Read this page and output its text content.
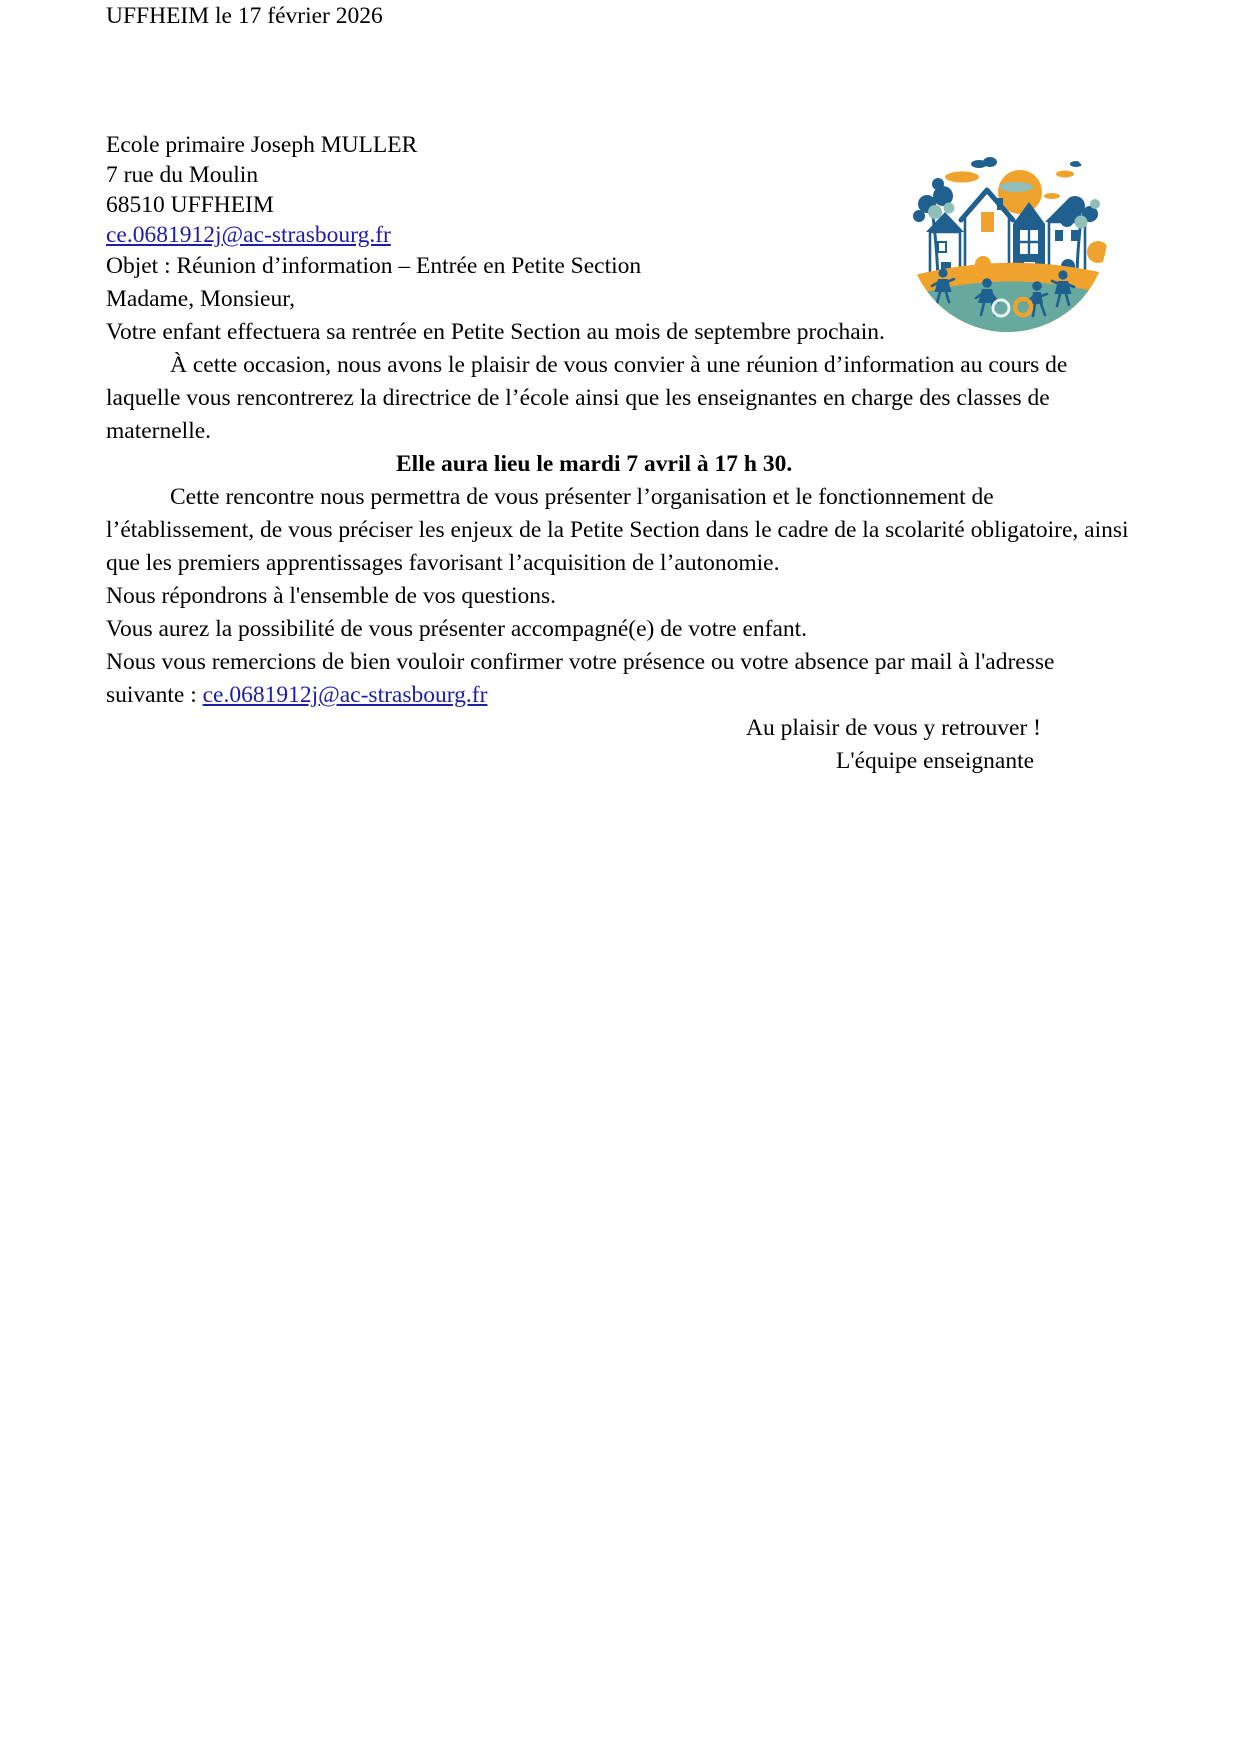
UFFHEIM le 17 février 2026

Ecole primaire Joseph MULLER

7 rue du Moulin

68510 UFFHEIM

ce.0681912j@ac-strasbourg.fr

Objet : Réunion d’information – Entrée en Petite Section

Madame, Monsieur,

Votre enfant effectuera sa rentrée en Petite Section au mois de septembre prochain.

À cette occasion, nous avons le plaisir de vous convier à une réunion d’information au cours de laquelle vous rencontrerez la directrice de l’école ainsi que les enseignantes en charge des classes de maternelle.

Elle aura lieu le mardi 7 avril à 17 h 30.

Cette rencontre nous permettra de vous présenter l’organisation et le fonctionnement de l’établissement, de vous préciser les enjeux de la Petite Section dans le cadre de la scolarité obligatoire, ainsi que les premiers apprentissages favorisant l’acquisition de l’autonomie.

Nous répondrons à l'ensemble de vos questions.

Vous aurez la possibilité de vous présenter accompagné(e) de votre enfant.

Nous vous remercions de bien vouloir confirmer votre présence ou votre absence par mail à l'adresse suivante : ce.0681912j@ac-strasbourg.fr

Au plaisir de vous y retrouver !

L'équipe enseignante
